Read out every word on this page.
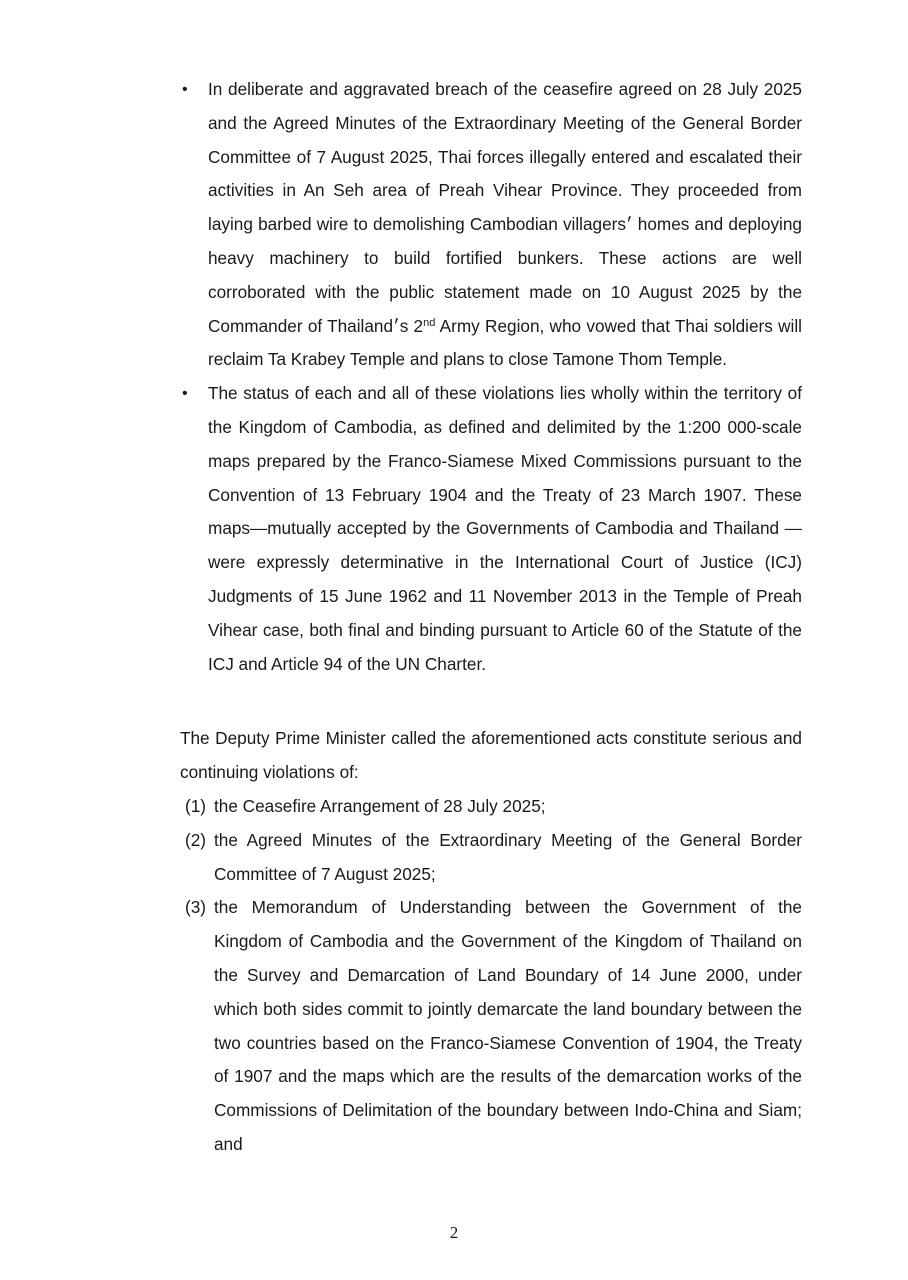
• In deliberate and aggravated breach of the ceasefire agreed on 28 July 2025 and the Agreed Minutes of the Extraordinary Meeting of the General Border Committee of 7 August 2025, Thai forces illegally entered and escalated their activities in An Seh area of Preah Vihear Province. They proceeded from laying barbed wire to demolishing Cambodian villagers׳ homes and deploying heavy machinery to build fortified bunkers. These actions are well corroborated with the public statement made on 10 August 2025 by the Commander of Thailand׳s 2nd Army Region, who vowed that Thai soldiers will reclaim Ta Krabey Temple and plans to close Tamone Thom Temple.
• The status of each and all of these violations lies wholly within the territory of the Kingdom of Cambodia, as defined and delimited by the 1:200 000-scale maps prepared by the Franco-Siamese Mixed Commissions pursuant to the Convention of 13 February 1904 and the Treaty of 23 March 1907. These maps—mutually accepted by the Governments of Cambodia and Thailand —were expressly determinative in the International Court of Justice (ICJ) Judgments of 15 June 1962 and 11 November 2013 in the Temple of Preah Vihear case, both final and binding pursuant to Article 60 of the Statute of the ICJ and Article 94 of the UN Charter.

The Deputy Prime Minister called the aforementioned acts constitute serious and continuing violations of:

(1) the Ceasefire Arrangement of 28 July 2025;
(2) the Agreed Minutes of the Extraordinary Meeting of the General Border Committee of 7 August 2025;
(3) the Memorandum of Understanding between the Government of the Kingdom of Cambodia and the Government of the Kingdom of Thailand on the Survey and Demarcation of Land Boundary of 14 June 2000, under which both sides commit to jointly demarcate the land boundary between the two countries based on the Franco-Siamese Convention of 1904, the Treaty of 1907 and the maps which are the results of the demarcation works of the Commissions of Delimitation of the boundary between Indo-China and Siam; and
2
